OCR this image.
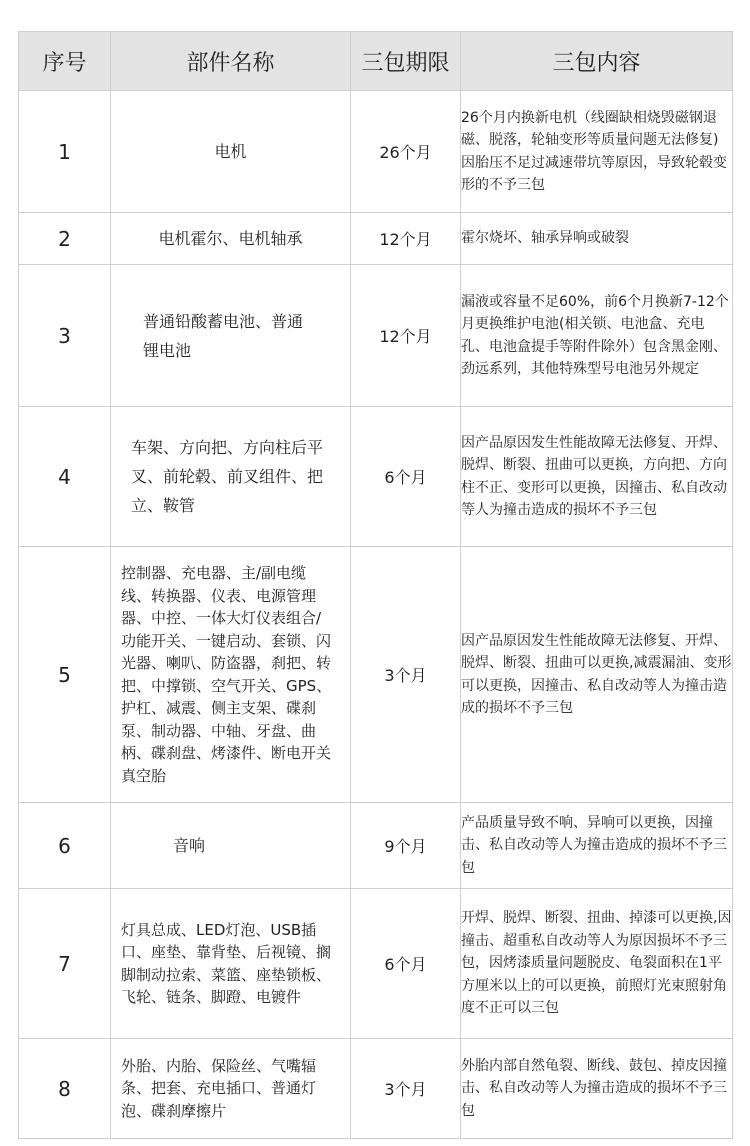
序号	部件名称	三包期限	三包内容
1	电机	26个月	26个月内换新电机（线圈缺相烧毁磁钢退磁、脱落，轮轴变形等质量问题无法修复)因胎压不足过减速带坑等原因，导致轮毂变形的不予三包

2	电机霍尔、电机轴承	12个月	霍尔烧坏、轴承异响或破裂

3	普通铅酸蓄电池、普通锂电池	12个月	漏液或容量不足60%，前6个月换新7-12个月更换维护电池(相关锁、电池盒、充电孔、电池盒提手等附件除外）包含黑金刚、劲远系列，其他特殊型号电池另外规定

4	车架、方向把、方向柱后平叉、前轮毂、前叉组件、把立、鞍管	6个月	因产品原因发生性能故障无法修复、开焊、脱焊、断裂、扭曲可以更换，方向把、方向柱不正、变形可以更换，因撞击、私自改动等人为撞击造成的损坏不予三包

5	控制器、充电器、主/副电缆线、转换器、仪表、电源管理器、中控、一体大灯仪表组合/功能开关、一键启动、套锁、闪光器、喇叭、防盗器，刹把、转把、中撑锁、空气开关、GPS、护杠、减震、侧主支架、碟刹泵、制动器、中轴、牙盘、曲柄、碟刹盘、烤漆件、断电开关真空胎	3个月	因产品原因发生性能故障无法修复、开焊、脱焊、断裂、扭曲可以更换,减震漏油、变形可以更换，因撞击、私自改动等人为撞击造成的损坏不予三包

6	音响	9个月	产品质量导致不响、异响可以更换，因撞击、私自改动等人为撞击造成的损坏不予三包

7	灯具总成、LED灯泡、USB插口、座垫、靠背垫、后视镜、搁脚制动拉索、菜篮、座垫锁板、飞轮、链条、脚蹬、电镀件	6个月	开焊、脱焊、断裂、扭曲、掉漆可以更换,因撞击、超重私自改动等人为原因损坏不予三包，因烤漆质量问题脱皮、龟裂面积在1平方厘米以上的可以更换，前照灯光束照射角度不正可以三包

8	外胎、内胎、保险丝、气嘴辐条、把套、充电插口、普通灯泡、碟刹摩擦片	3个月	外胎内部自然龟裂、断线、鼓包、掉皮因撞击、私自改动等人为撞击造成的损坏不予三包
